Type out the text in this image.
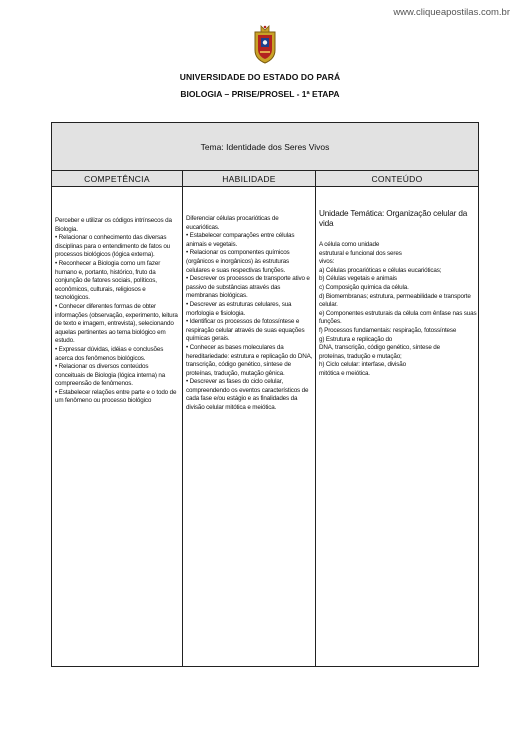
www.cliqueapostilas.com.br
UNIVERSIDADE DO ESTADO DO PARÁ
BIOLOGIA – PRISE/PROSEL - 1ª ETAPA
Tema: Identidade dos Seres Vivos
COMPETÊNCIA	HABILIDADE	CONTEÚDO

Perceber e utilizar os códigos intrínsecos da Biologia.

• Relacionar o conhecimento das diversas disciplinas para o entendimento de fatos ou processos biológicos (lógica externa).

• Reconhecer a Biologia como um fazer humano e, portanto, histórico, fruto da conjunção de fatores sociais, políticos, econômicos, culturais, religiosos e tecnológicos.

• Conhecer diferentes formas de obter informações (observação, experimento, leitura de texto e imagem, entrevista), selecionando aquelas pertinentes ao tema biológico em estudo.

• Expressar dúvidas, idéias e conclusões acerca dos fenômenos biológicos.

• Relacionar os diversos conteúdos conceituais de Biologia (lógica interna) na compreensão de fenômenos.

• Estabelecer relações entre parte e o todo de um fenômeno ou processo biológico

Diferenciar células procarióticas de eucarióticas.

• Estabelecer comparações entre células animais e vegetais.

• Relacionar os componentes químicos (orgânicos e inorgânicos) às estruturas celulares e suas respectivas funções.

• Descrever os processos de transporte ativo e passivo de substâncias através das membranas biológicas.

• Descrever as estruturas celulares, sua morfologia e fisiologia.

• Identificar os processos de fotossíntese e respiração celular através de suas equações químicas gerais.

• Conhecer as bases moleculares da hereditariedade: estrutura e replicação do DNA, transcrição, código genético, síntese de proteínas, tradução, mutação gênica.

• Descrever as fases do ciclo celular, compreendendo os eventos característicos de cada fase e/ou estágio e as finalidades da divisão celular mitótica e meiótica.

Unidade Temática: Organização celular da vida

A célula como unidade

estrutural e funcional dos seres

vivos:

a) Células procarióticas e células eucarióticas;

b) Células vegetais e animais

c) Composição química da célula.

d) Biomembranas; estrutura, permeabilidade e transporte celular.

e) Componentes estruturais da célula com ênfase nas suas funções.

f) Processos fundamentais: respiração, fotossíntese

g) Estrutura e replicação do

DNA, transcrição, código genético, síntese de

proteínas, tradução e mutação;

h) Ciclo celular: interfase, divisão

mitótica e meiótica.
